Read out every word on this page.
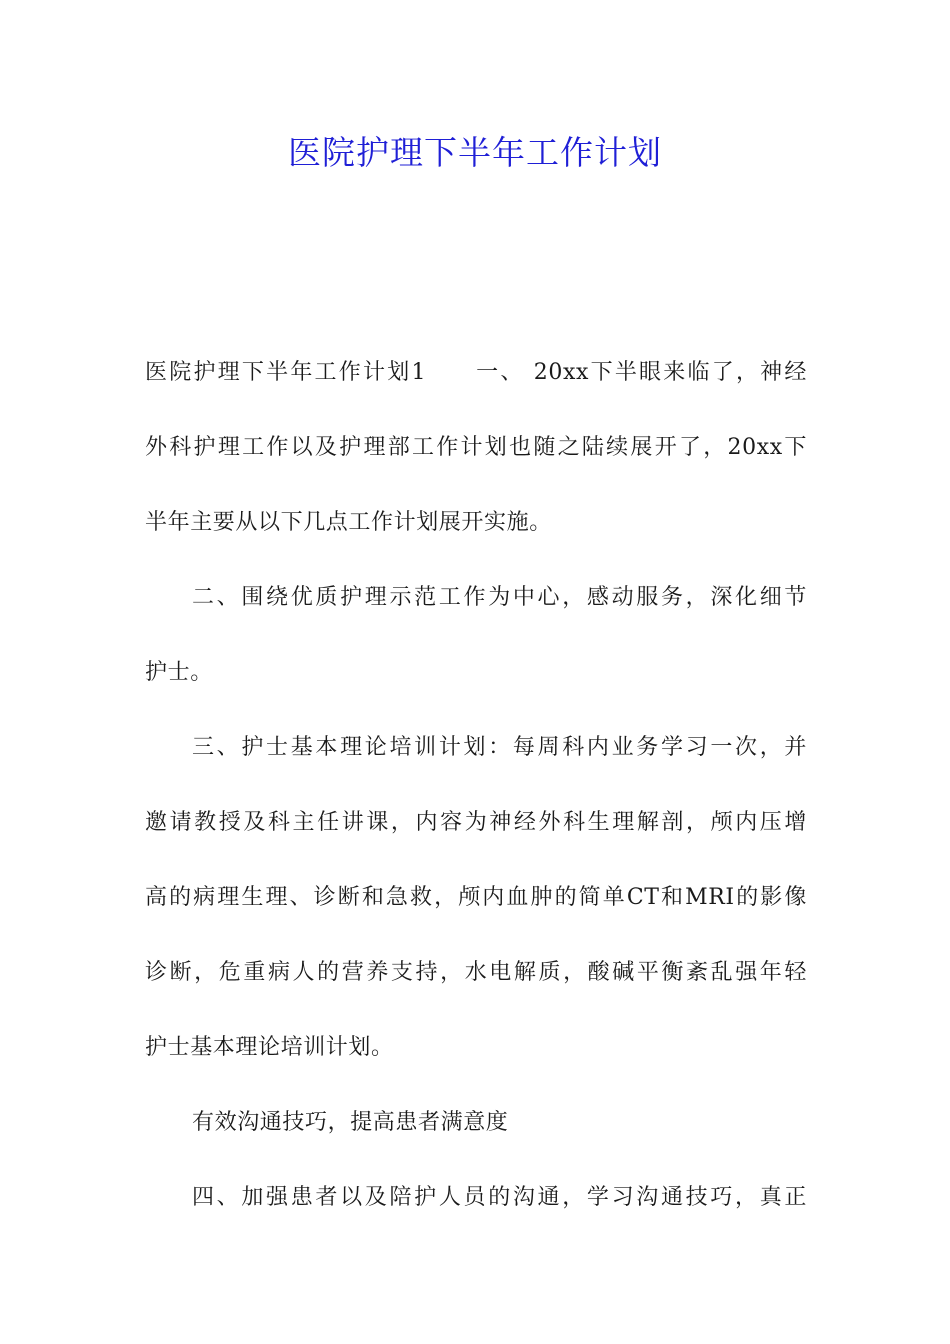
医院护理下半年工作计划
医院护理下半年工作计划1　　一、 20xx下半眼来临了，神经
外科护理工作以及护理部工作计划也随之陆续展开了，20xx下
半年主要从以下几点工作计划展开实施。
二、围绕优质护理示范工作为中心，感动服务，深化细节
护士。
三、护士基本理论培训计划：每周科内业务学习一次，并
邀请教授及科主任讲课，内容为神经外科生理解剖，颅内压增
高的病理生理、诊断和急救，颅内血肿的简单CT和MRI的影像
诊断，危重病人的营养支持，水电解质，酸碱平衡紊乱强年轻
护士基本理论培训计划。
有效沟通技巧，提高患者满意度
四、加强患者以及陪护人员的沟通，学习沟通技巧，真正
